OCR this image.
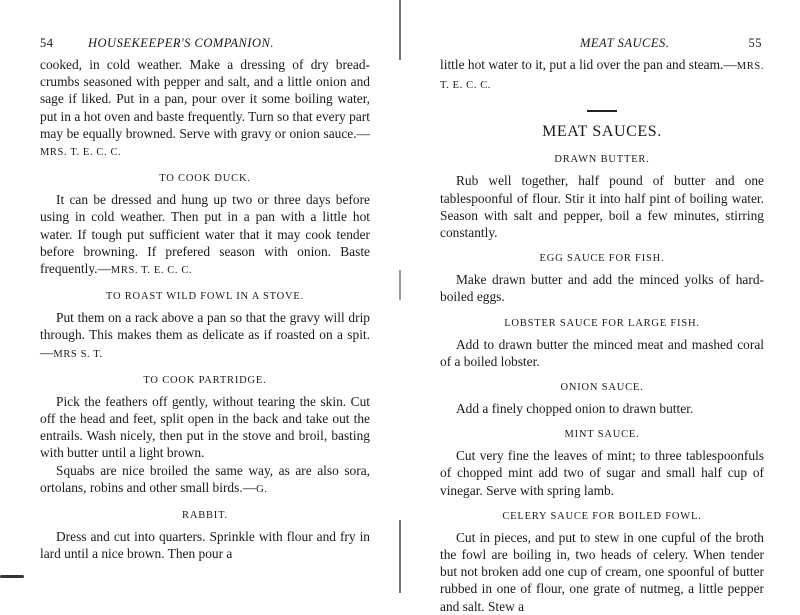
54	HOUSEKEEPER'S COMPANION.

cooked, in cold weather. Make a dressing of dry bread-crumbs seasoned with pepper and salt, and a little onion and sage if liked. Put in a pan, pour over it some boiling water, put in a hot oven and baste frequently. Turn so that every part may be equally browned. Serve with gravy or onion sauce.—MRS. T. E. C. C.

TO COOK DUCK.

It can be dressed and hung up two or three days before using in cold weather. Then put in a pan with a little hot water. If tough put sufficient water that it may cook tender before browning. If prefered season with onion. Baste frequently.—MRS. T. E. C. C.

TO ROAST WILD FOWL IN A STOVE.

Put them on a rack above a pan so that the gravy will drip through. This makes them as delicate as if roasted on a spit.—MRS S. T.

TO COOK PARTRIDGE.

Pick the feathers off gently, without tearing the skin. Cut off the head and feet, split open in the back and take out the entrails. Wash nicely, then put in the stove and broil, basting with butter until a light brown.

Squabs are nice broiled the same way, as are also sora, ortolans, robins and other small birds.—G.

RABBIT.

Dress and cut into quarters. Sprinkle with flour and fry in lard until a nice brown. Then pour a

MEAT SAUCES.	55

little hot water to it, put a lid over the pan and steam.—MRS. T. E. C. C.

MEAT SAUCES.
DRAWN BUTTER.

Rub well together, half pound of butter and one tablespoonful of flour. Stir it into half pint of boiling water. Season with salt and pepper, boil a few minutes, stirring constantly.

EGG SAUCE FOR FISH.

Make drawn butter and add the minced yolks of hard-boiled eggs.

LOBSTER SAUCE FOR LARGE FISH.

Add to drawn butter the minced meat and mashed coral of a boiled lobster.

ONION SAUCE.

Add a finely chopped onion to drawn butter.

MINT SAUCE.

Cut very fine the leaves of mint; to three tablespoonfuls of chopped mint add two of sugar and small half cup of vinegar. Serve with spring lamb.

CELERY SAUCE FOR BOILED FOWL.

Cut in pieces, and put to stew in one cupful of the broth the fowl are boiling in, two heads of celery. When tender but not broken add one cup of cream, one spoonful of butter rubbed in one of flour, one grate of nutmeg, a little pepper and salt. Stew a
